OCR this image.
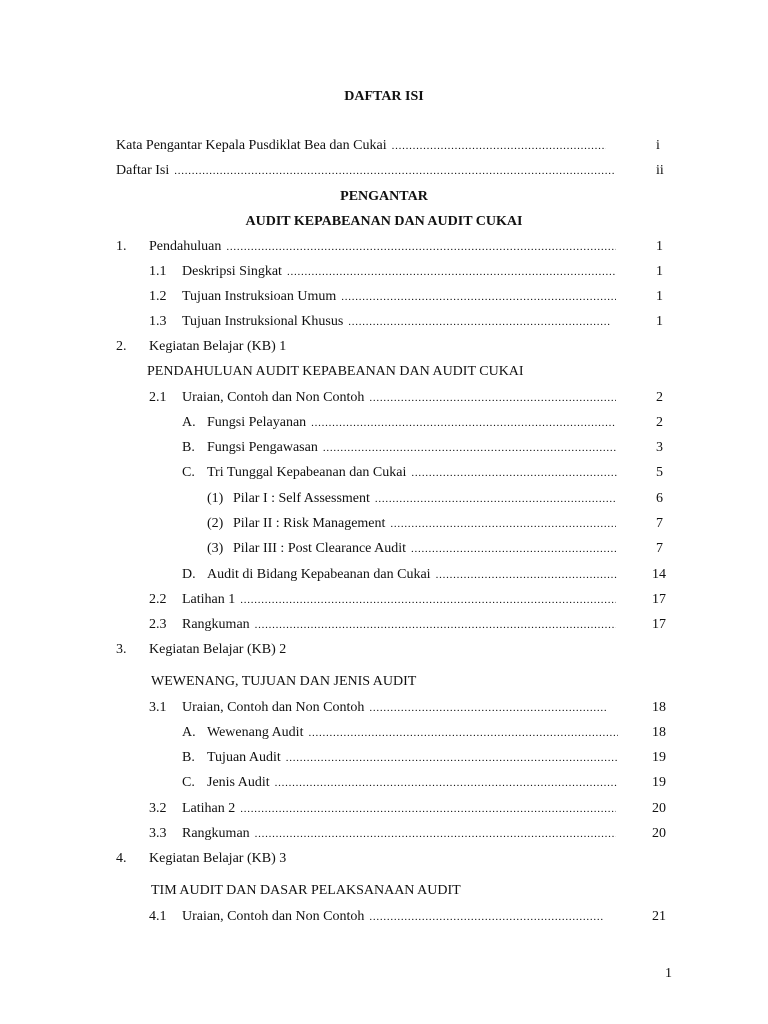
DAFTAR ISI
Kata Pengantar Kepala Pusdiklat Bea dan Cukai . . .	i
Daftar Isi . . .	ii
PENGANTAR
AUDIT KEPABEANAN DAN AUDIT CUKAI
1. Pendahuluan . . .	1
1.1 Deskripsi Singkat . . .	1
1.2 Tujuan Instruksioan Umum . . .	1
1.3 Tujuan Instruksional Khusus . . .	1
2. Kegiatan Belajar (KB) 1
PENDAHULUAN AUDIT KEPABEANAN DAN AUDIT CUKAI
2.1 Uraian, Contoh dan Non Contoh . . .	2
A. Fungsi Pelayanan . . .	2
B. Fungsi Pengawasan . . .	3
C. Tri Tunggal Kepabeanan dan Cukai . . .	5
(1) Pilar I : Self Assessment . . .	6
(2) Pilar II : Risk Management . . .	7
(3) Pilar III : Post Clearance Audit . . .	7
D. Audit di Bidang Kepabeanan dan Cukai . . .	14
2.2 Latihan 1 . . .	17
2.3 Rangkuman . . .	17
3. Kegiatan Belajar (KB) 2
WEWENANG, TUJUAN DAN JENIS AUDIT
3.1 Uraian, Contoh dan Non Contoh . . .	18
A. Wewenang Audit . . .	18
B. Tujuan Audit . . .	19
C. Jenis Audit . . .	19
3.2 Latihan 2 . . .	20
3.3 Rangkuman . . .	20
4. Kegiatan Belajar (KB) 3
TIM AUDIT DAN DASAR PELAKSANAAN AUDIT
4.1 Uraian, Contoh dan Non Contoh . . .	21
1
